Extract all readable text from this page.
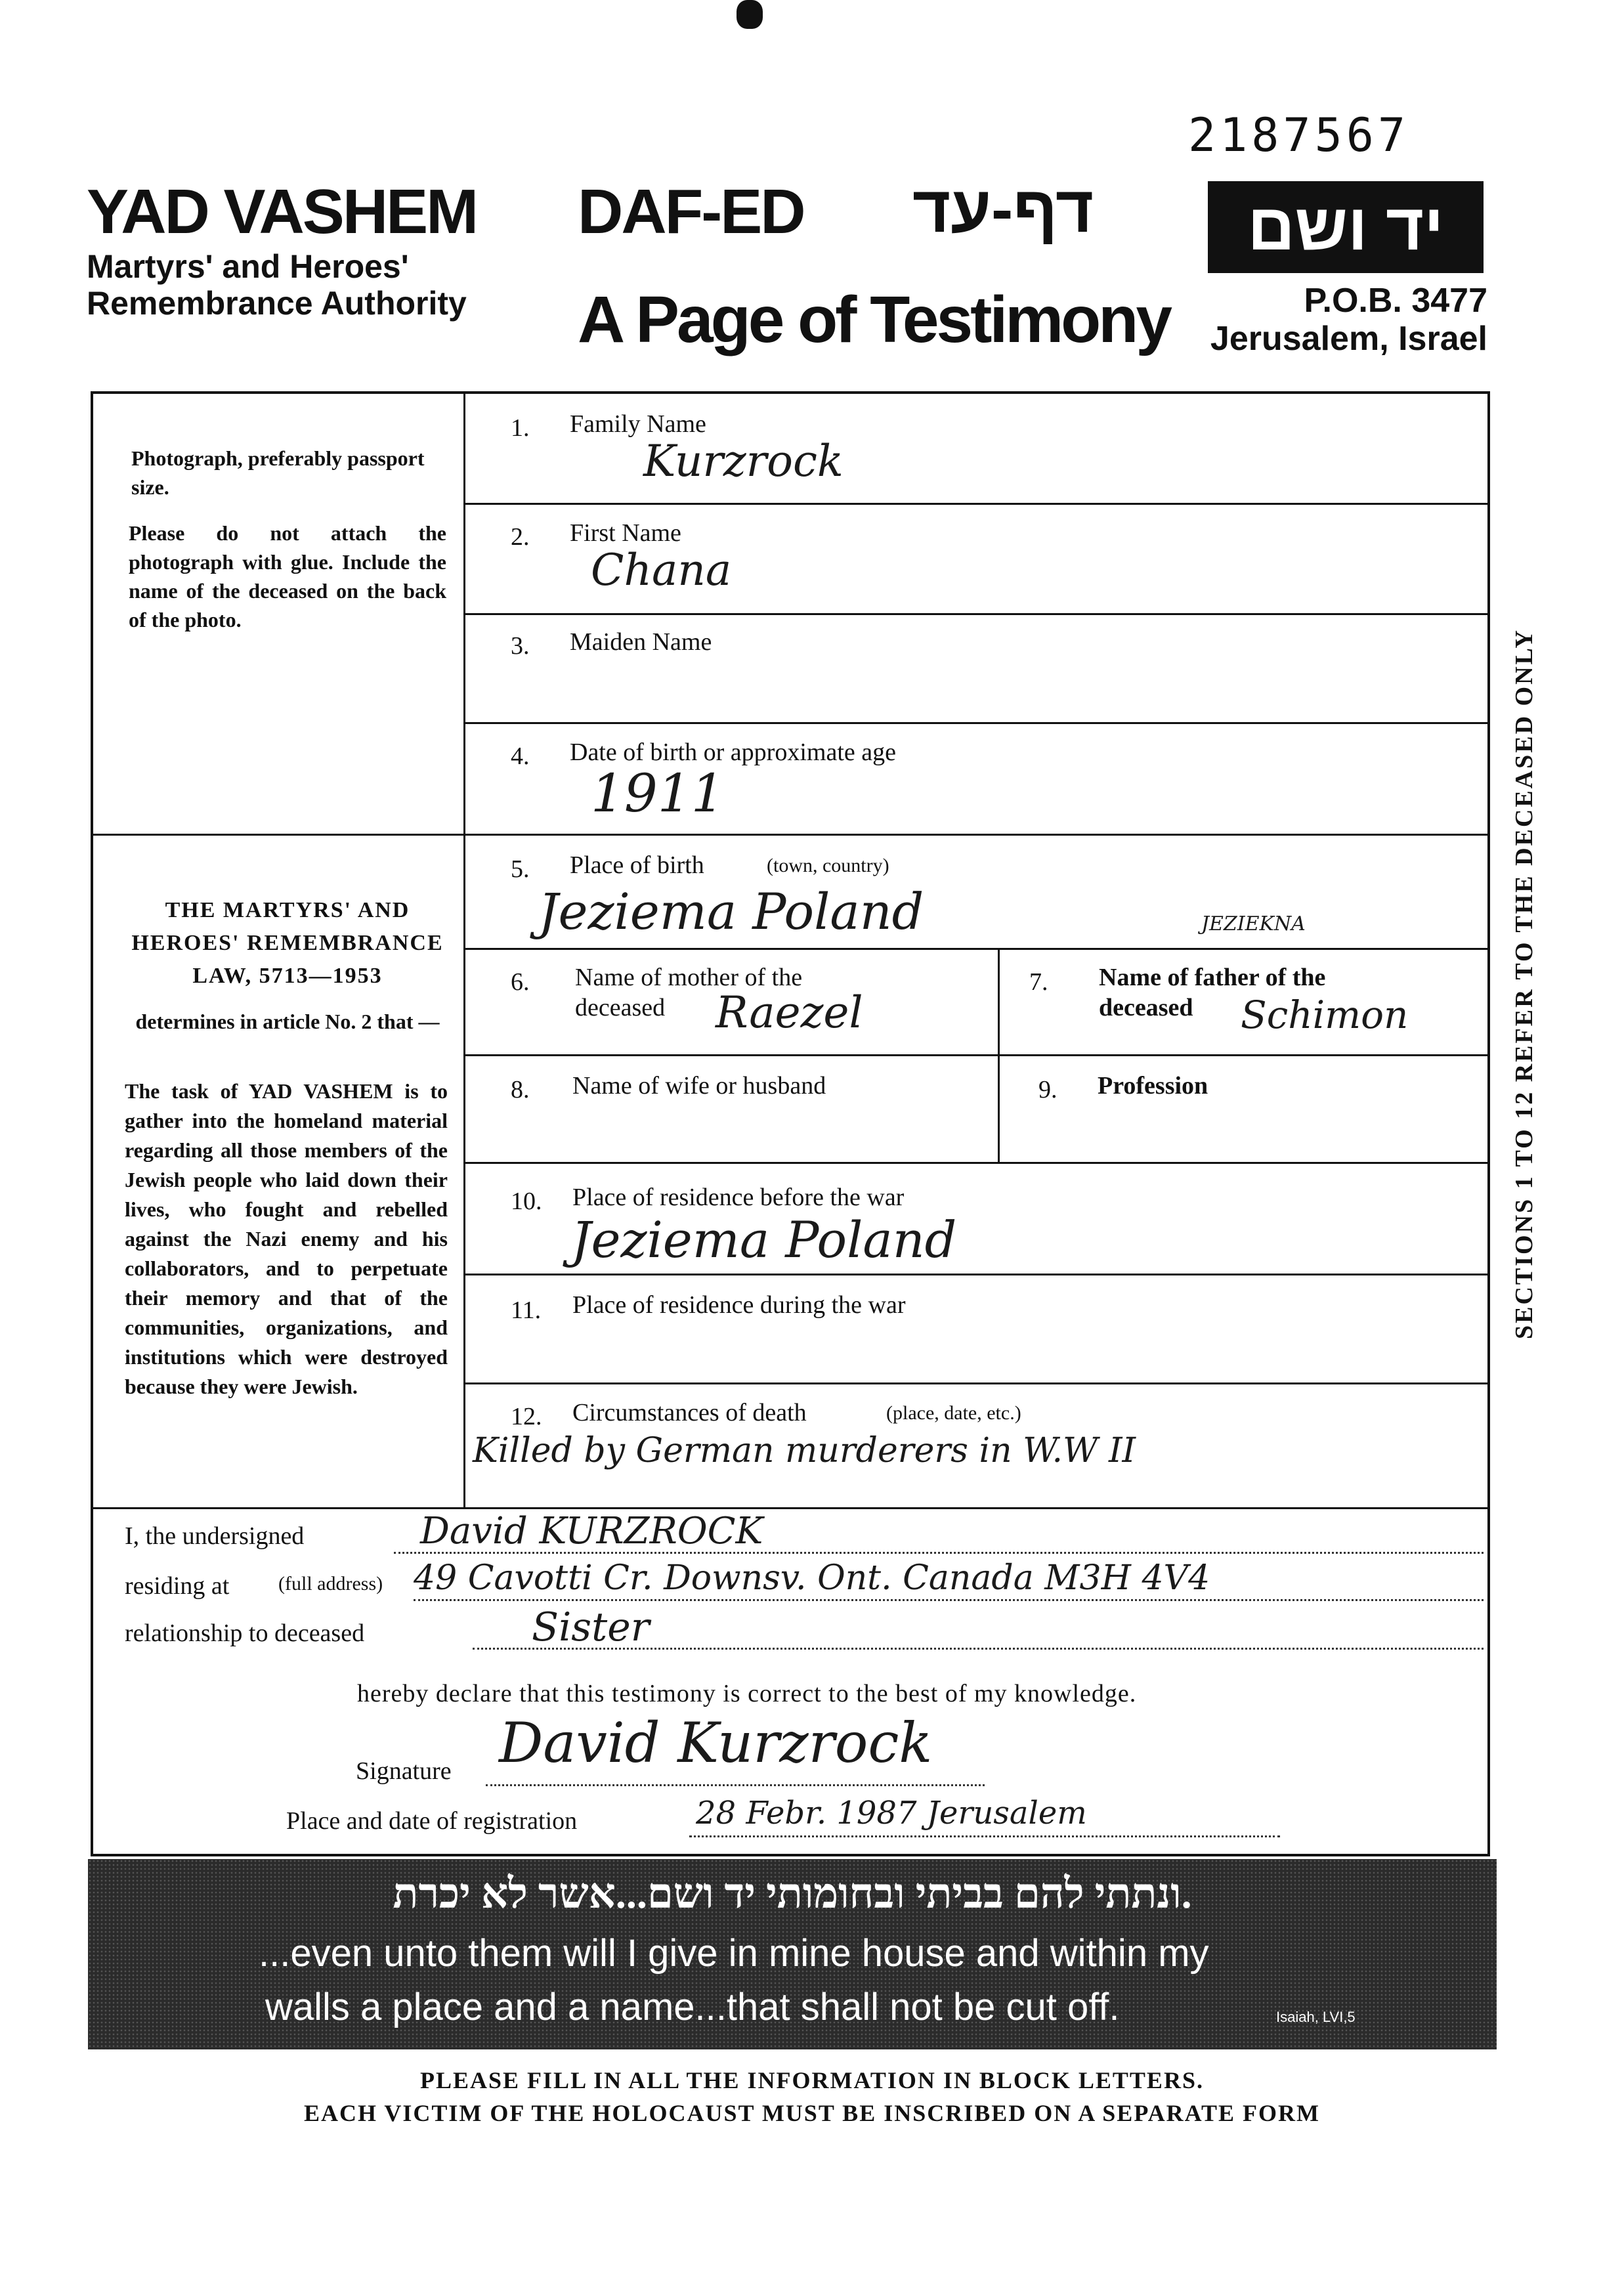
2187567
YAD VASHEM
Martyrs' and Heroes' Remembrance Authority
DAF-ED דף-עד
A Page of Testimony
יד ושם
P.O.B. 3477
Jerusalem, Israel
Photograph, preferably passport size.
Please do not attach the photograph with glue. Include the name of the deceased on the back of the photo.
THE MARTYRS' AND HEROES' REMEMBRANCE LAW, 5713—1953
determines in article No. 2 that —
The task of YAD VASHEM is to gather into the homeland material regarding all those members of the Jewish people who laid down their lives, who fought and rebelled against the Nazi enemy and his collaborators, and to perpetuate their memory and that of the communities, organizations, and institutions which were destroyed because they were Jewish.
1. Family Name
Kurzrock
2. First Name
Chana
3. Maiden Name
4. Date of birth or approximate age
1911
5. Place of birth	(town, country)
Jeziema Poland	JEZIEKNA
6. Name of mother of the deceased	Raezel
7. Name of father of the deceased	Schimon
8. Name of wife or husband	9. Profession
10. Place of residence before the war
Jeziema Poland
11. Place of residence during the war
12. Circumstances of death	(place, date, etc.)
Killed by German murderers in W.W II
SECTIONS 1 TO 12 REFER TO THE DECEASED ONLY
I, the undersigned	David KURZROCK
residing at (full address) 49 Cavotti Cr. Downsv. Ont. Canada M3H 4V4
relationship to deceased	Sister
hereby declare that this testimony is correct to the best of my knowledge.
Signature David Kurzrock
Place and date of registration	28 Febr. 1987 Jerusalem
ונתתי להם בביתי ובחומותי יד ושם...אשר לא יכרת.
...even unto them will I give in mine house and within my
walls a place and a name...that shall not be cut off.	Isaiah, LVI,5
PLEASE FILL IN ALL THE INFORMATION IN BLOCK LETTERS.
EACH VICTIM OF THE HOLOCAUST MUST BE INSCRIBED ON A SEPARATE FORM
